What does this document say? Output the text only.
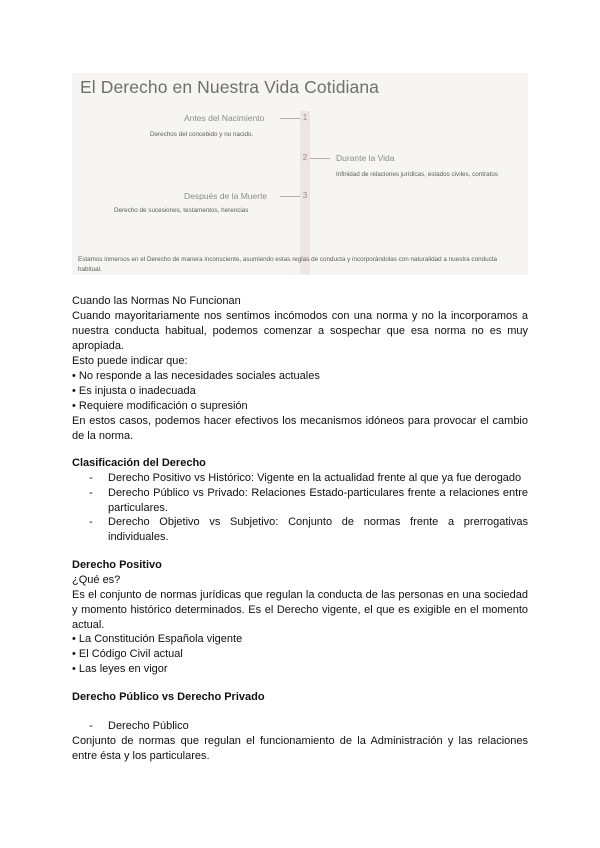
El Derecho en Nuestra Vida Cotidiana
1
Antes del Nacimiento
Derechos del concebido y no nacido.
2	Durante la Vida
Infinidad de relaciones jurídicas, estados civiles, contratos
3
Después de la Muerte
Derecho de sucesiones, testamentos, herencias
Estamos inmersos en el Derecho de manera inconsciente, asumiendo estas reglas de conducta y incorporándolas con naturalidad a nuestra conducta habitual.
Cuando las Normas No Funcionan
Cuando mayoritariamente nos sentimos incómodos con una norma y no la incorporamos a nuestra conducta habitual, podemos comenzar a sospechar que esa norma no es muy apropiada.
Esto puede indicar que:
• No responde a las necesidades sociales actuales
• Es injusta o inadecuada
• Requiere modificación o supresión
En estos casos, podemos hacer efectivos los mecanismos idóneos para provocar el cambio de la norma.
Clasificación del Derecho
- Derecho Positivo vs Histórico: Vigente en la actualidad frente al que ya fue derogado
- Derecho Público vs Privado: Relaciones Estado-particulares frente a relaciones entre particulares.
- Derecho Objetivo vs Subjetivo: Conjunto de normas frente a prerrogativas individuales.
Derecho Positivo
¿Qué es?
Es el conjunto de normas jurídicas que regulan la conducta de las personas en una sociedad y momento histórico determinados. Es el Derecho vigente, el que es exigible en el momento actual.
• La Constitución Española vigente
• El Código Civil actual
• Las leyes en vigor
Derecho Público vs Derecho Privado
- Derecho Público
Conjunto de normas que regulan el funcionamiento de la Administración y las relaciones entre ésta y los particulares.
